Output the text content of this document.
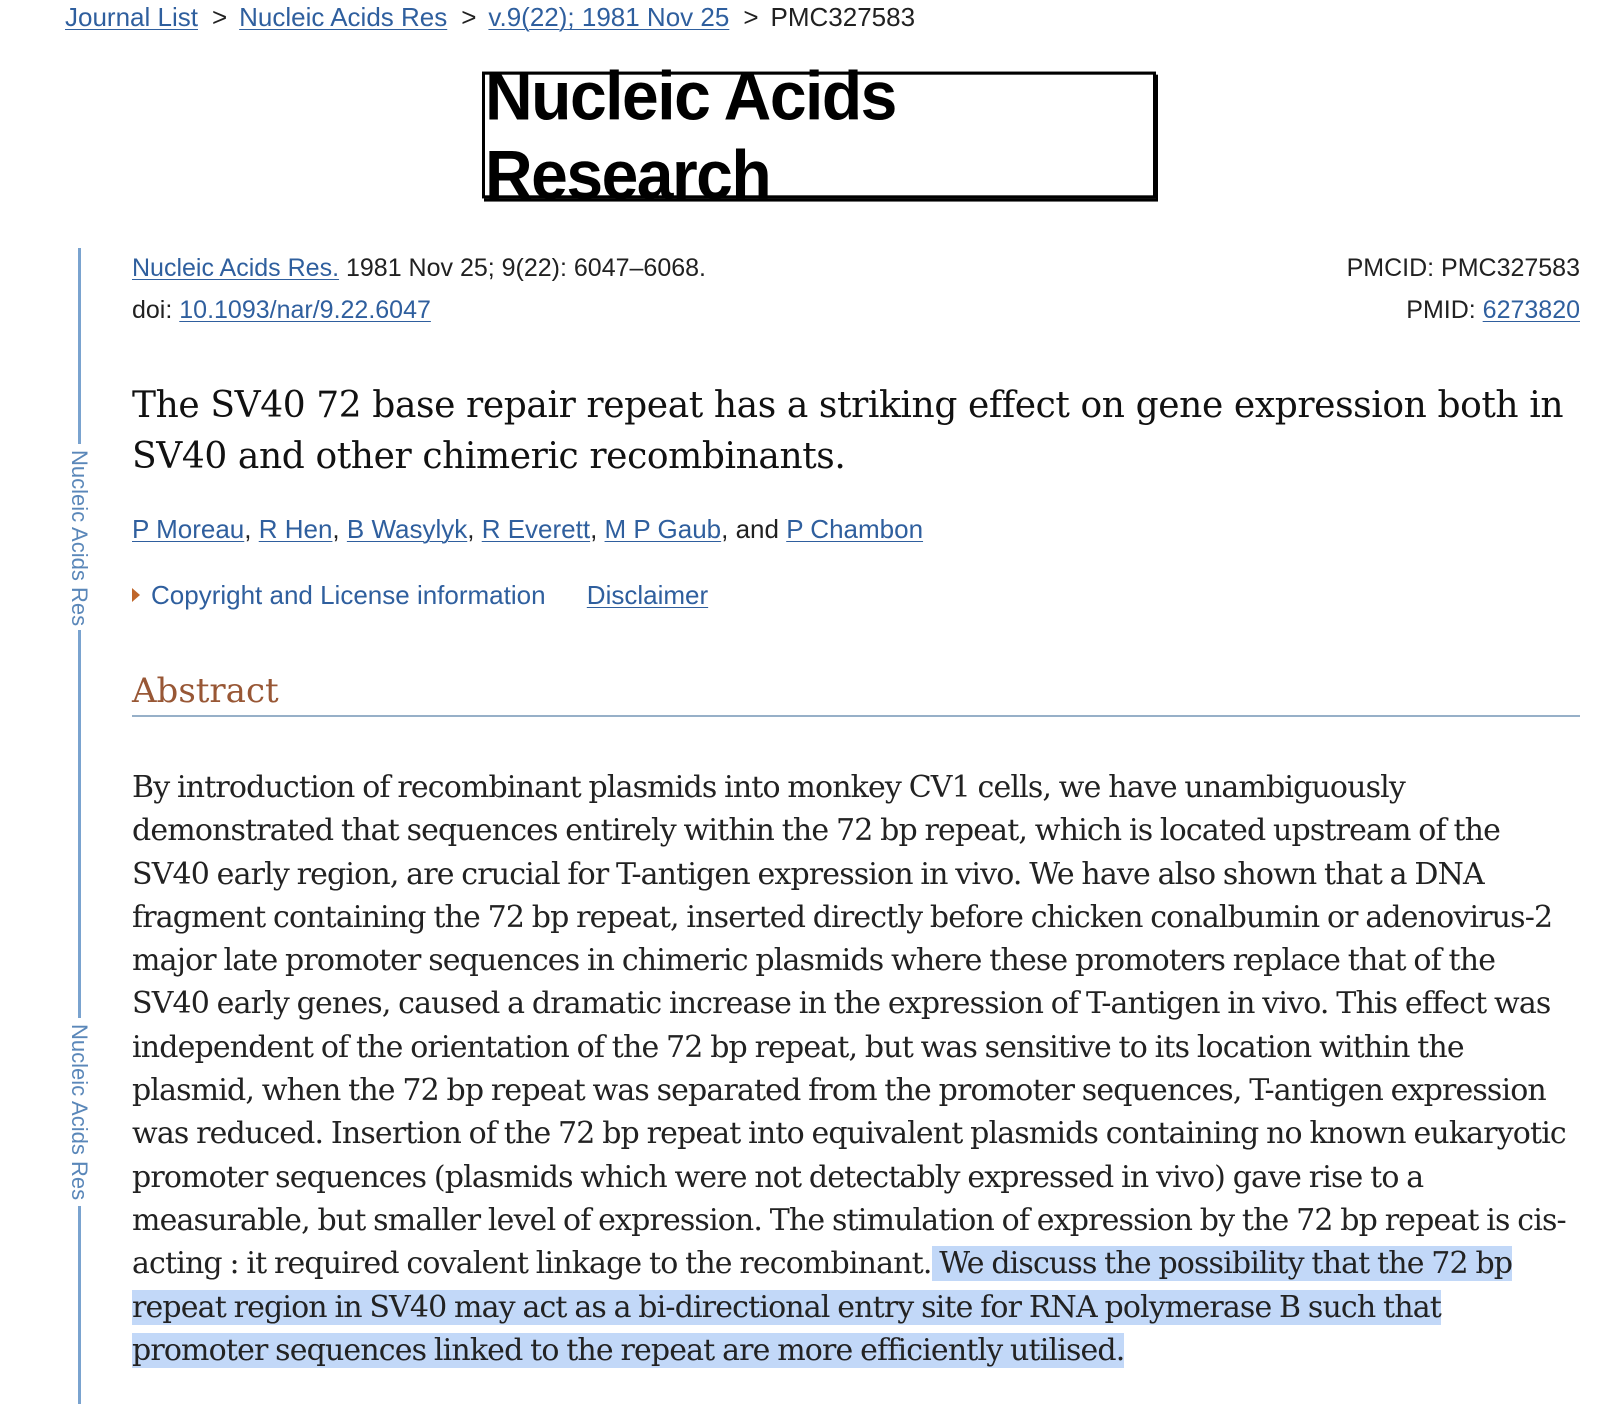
Journal List > Nucleic Acids Res > v.9(22); 1981 Nov 25 > PMC327583
Nucleic Acids Research
Nucleic Acids Res
Nucleic Acids Res
Nucleic Acids Res. 1981 Nov 25; 9(22): 6047–6068.
doi: 10.1093/nar/9.22.6047
PMCID: PMC327583
PMID: 6273820
The SV40 72 base repair repeat has a striking effect on gene expression both in SV40 and other chimeric recombinants.
P Moreau, R Hen, B Wasylyk, R Everett, M P Gaub, and P Chambon
Copyright and License information Disclaimer
Abstract
By introduction of recombinant plasmids into monkey CV1 cells, we have unambiguously
demonstrated that sequences entirely within the 72 bp repeat, which is located upstream of the
SV40 early region, are crucial for T-antigen expression in vivo. We have also shown that a DNA
fragment containing the 72 bp repeat, inserted directly before chicken conalbumin or adenovirus-2
major late promoter sequences in chimeric plasmids where these promoters replace that of the
SV40 early genes, caused a dramatic increase in the expression of T-antigen in vivo. This effect was
independent of the orientation of the 72 bp repeat, but was sensitive to its location within the
plasmid, when the 72 bp repeat was separated from the promoter sequences, T-antigen expression
was reduced. Insertion of the 72 bp repeat into equivalent plasmids containing no known eukaryotic
promoter sequences (plasmids which were not detectably expressed in vivo) gave rise to a
measurable, but smaller level of expression. The stimulation of expression by the 72 bp repeat is cis-
acting : it required covalent linkage to the recombinant. We discuss the possibility that the 72 bp
repeat region in SV40 may act as a bi-directional entry site for RNA polymerase B such that
promoter sequences linked to the repeat are more efficiently utilised.
